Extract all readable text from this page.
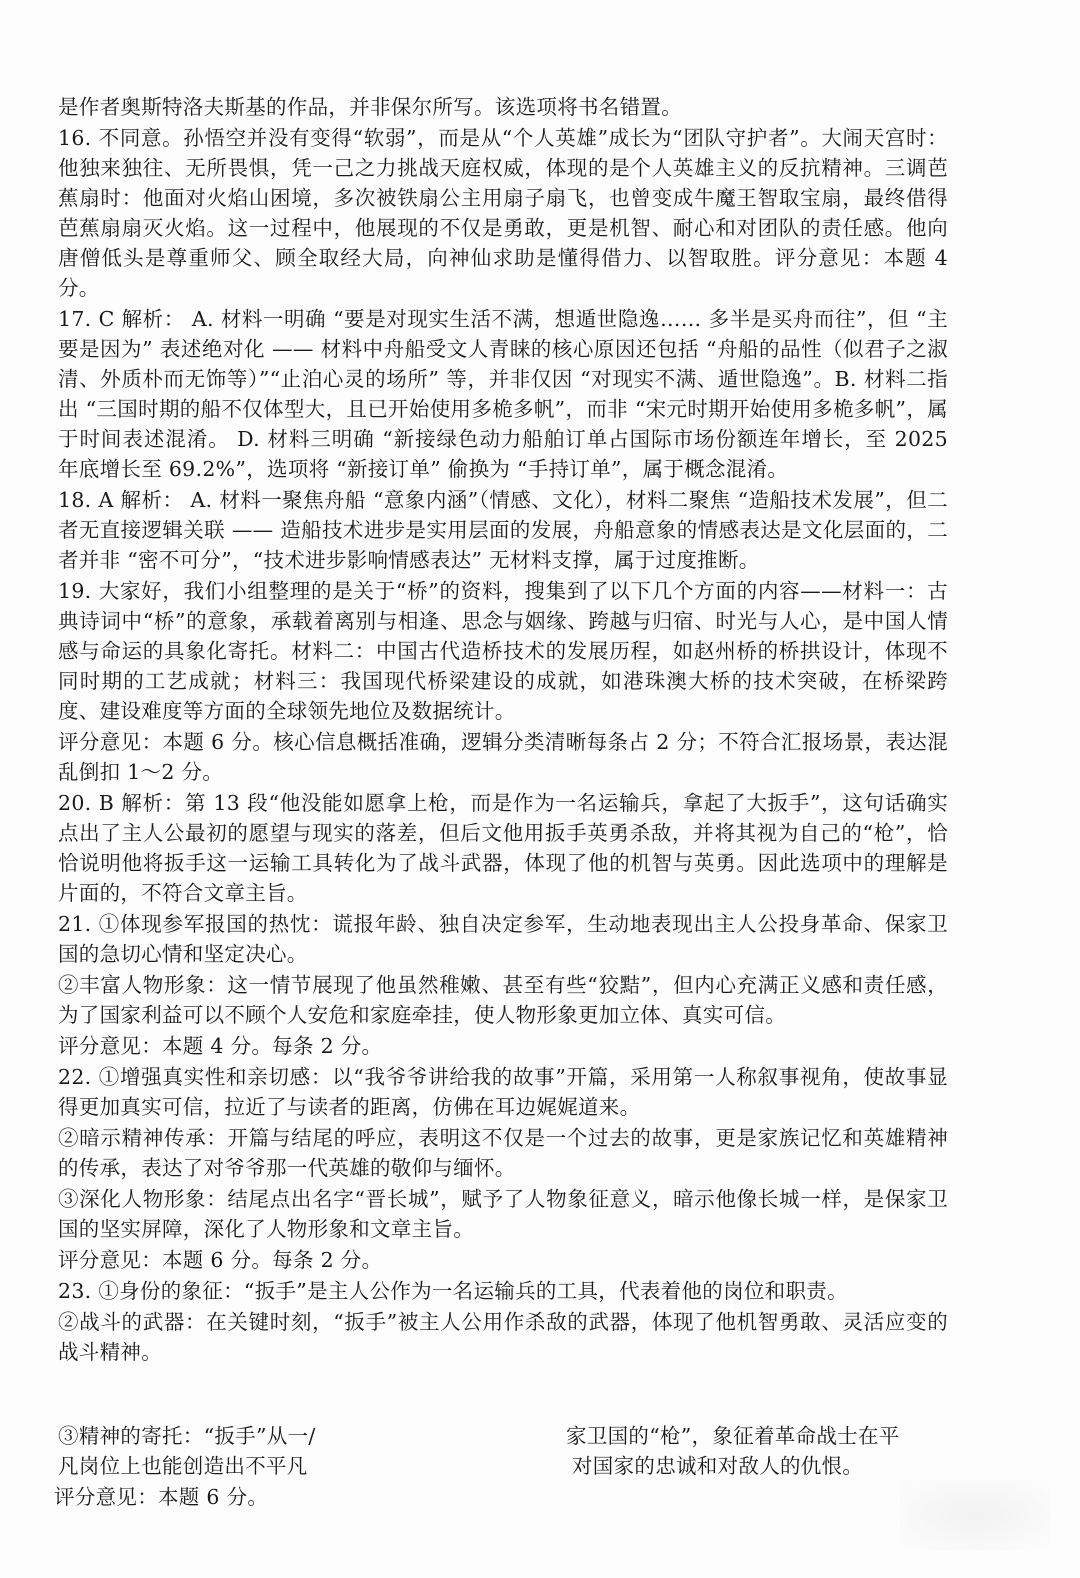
是作者奥斯特洛夫斯基的作品，并非保尔所写。该选项将书名错置。

16. 不同意。孙悟空并没有变得“软弱”，而是从“个人英雄”成长为“团队守护者”。大闹天宫时：他独来独往、无所畏惧，凭一己之力挑战天庭权威，体现的是个人英雄主义的反抗精神。三调芭蕉扇时：他面对火焰山困境，多次被铁扇公主用扇子扇飞，也曾变成牛魔王智取宝扇，最终借得芭蕉扇扇灭火焰。这一过程中，他展现的不仅是勇敢，更是机智、耐心和对团队的责任感。他向唐僧低头是尊重师父、顾全取经大局，向神仙求助是懂得借力、以智取胜。评分意见：本题 4 分。

17. C 解析： A. 材料一明确 “要是对现实生活不满，想遁世隐逸…… 多半是买舟而往”，但 “主要是因为” 表述绝对化 —— 材料中舟船受文人青睐的核心原因还包括 “舟船的品性（似君子之淑清、外质朴而无饰等）”“止泊心灵的场所” 等，并非仅因 “对现实不满、遁世隐逸”。B. 材料二指出 “三国时期的船不仅体型大，且已开始使用多桅多帆”，而非 “宋元时期开始使用多桅多帆”，属于时间表述混淆。 D. 材料三明确 “新接绿色动力船舶订单占国际市场份额连年增长，至 2025 年底增长至 69.2%”，选项将 “新接订单” 偷换为 “手持订单”，属于概念混淆。

18. A 解析： A. 材料一聚焦舟船 “意象内涵”（情感、文化），材料二聚焦 “造船技术发展”，但二者无直接逻辑关联 —— 造船技术进步是实用层面的发展，舟船意象的情感表达是文化层面的，二者并非 “密不可分”，“技术进步影响情感表达” 无材料支撑，属于过度推断。

19. 大家好，我们小组整理的是关于“桥”的资料，搜集到了以下几个方面的内容——材料一：古典诗词中“桥”的意象，承载着离别与相逢、思念与姻缘、跨越与归宿、时光与人心，是中国人情感与命运的具象化寄托。材料二：中国古代造桥技术的发展历程，如赵州桥的桥拱设计，体现不同时期的工艺成就；材料三：我国现代桥梁建设的成就，如港珠澳大桥的技术突破，在桥梁跨度、建设难度等方面的全球领先地位及数据统计。

评分意见：本题 6 分。核心信息概括准确，逻辑分类清晰每条占 2 分；不符合汇报场景，表达混乱倒扣 1～2 分。

20. B 解析：第 13 段“他没能如愿拿上枪，而是作为一名运输兵，拿起了大扳手”，这句话确实点出了主人公最初的愿望与现实的落差，但后文他用扳手英勇杀敌，并将其视为自己的“枪”，恰恰说明他将扳手这一运输工具转化为了战斗武器，体现了他的机智与英勇。因此选项中的理解是片面的，不符合文章主旨。

21. ①体现参军报国的热忱：谎报年龄、独自决定参军，生动地表现出主人公投身革命、保家卫国的急切心情和坚定决心。

②丰富人物形象：这一情节展现了他虽然稚嫩、甚至有些“狡黠”，但内心充满正义感和责任感，为了国家利益可以不顾个人安危和家庭牵挂，使人物形象更加立体、真实可信。

评分意见：本题 4 分。每条 2 分。

22. ①增强真实性和亲切感：以“我爷爷讲给我的故事”开篇，采用第一人称叙事视角，使故事显得更加真实可信，拉近了与读者的距离，仿佛在耳边娓娓道来。

②暗示精神传承：开篇与结尾的呼应，表明这不仅是一个过去的故事，更是家族记忆和英雄精神的传承，表达了对爷爷那一代英雄的敬仰与缅怀。

③深化人物形象：结尾点出名字“晋长城”，赋予了人物象征意义，暗示他像长城一样，是保家卫国的坚实屏障，深化了人物形象和文章主旨。

评分意见：本题 6 分。每条 2 分。

23. ①身份的象征：“扳手”是主人公作为一名运输兵的工具，代表着他的岗位和职责。

②战斗的武器：在关键时刻，“扳手”被主人公用作杀敌的武器，体现了他机智勇敢、灵活应变的战斗精神。

③精神的寄托：“扳手”从一/	家卫国的“枪”，象征着革命战士在平
凡岗位上也能创造出不平凡	对国家的忠诚和对敌人的仇恨。
评分意见：本题 6 分。
